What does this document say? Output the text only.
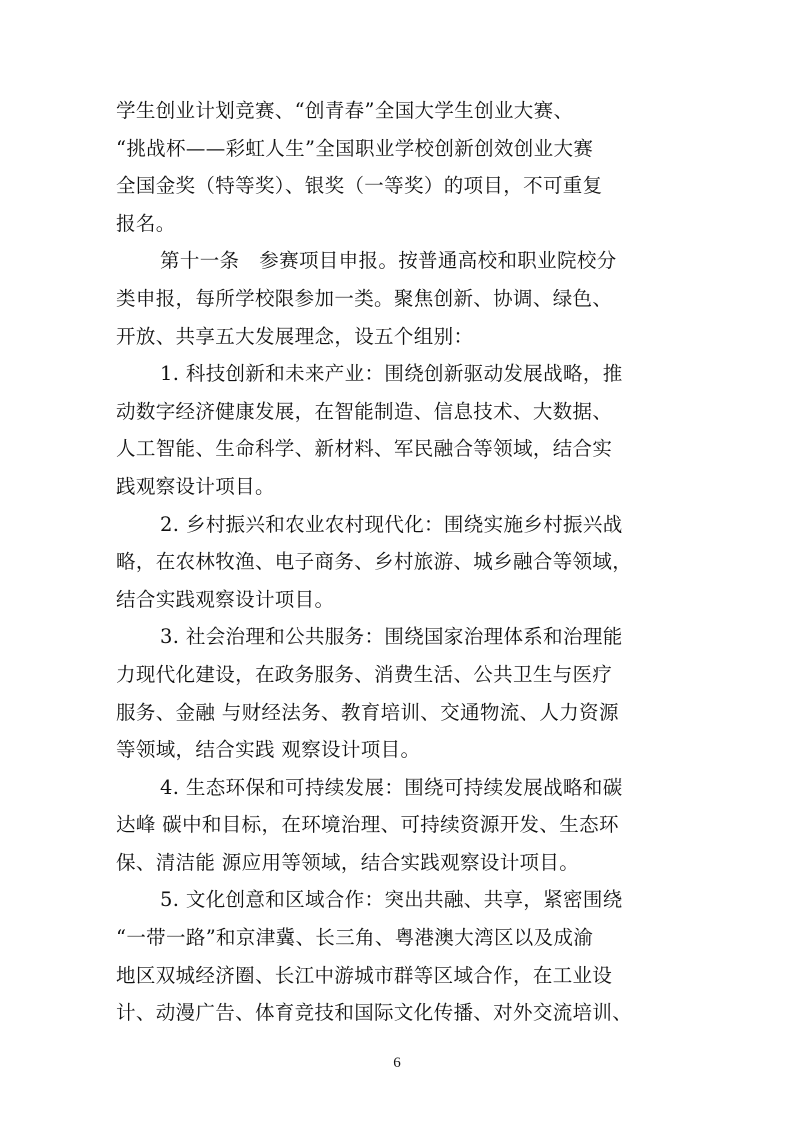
学生创业计划竞赛、“创青春”全国大学生创业大赛、
“挑战杯——彩虹人生”全国职业学校创新创效创业大赛
全国金奖（特等奖）、银奖（一等奖）的项目，不可重复
报名。
第十一条　参赛项目申报。按普通高校和职业院校分
类申报，每所学校限参加一类。聚焦创新、协调、绿色、
开放、共享五大发展理念，设五个组别：
1. 科技创新和未来产业：围绕创新驱动发展战略，推
动数字经济健康发展，在智能制造、信息技术、大数据、
人工智能、生命科学、新材料、军民融合等领域，结合实
践观察设计项目。
2. 乡村振兴和农业农村现代化：围绕实施乡村振兴战
略，在农林牧渔、电子商务、乡村旅游、城乡融合等领域，
结合实践观察设计项目。
3. 社会治理和公共服务：围绕国家治理体系和治理能
力现代化建设，在政务服务、消费生活、公共卫生与医疗
服务、金融 与财经法务、教育培训、交通物流、人力资源
等领域，结合实践 观察设计项目。
4. 生态环保和可持续发展：围绕可持续发展战略和碳
达峰 碳中和目标，在环境治理、可持续资源开发、生态环
保、清洁能 源应用等领域，结合实践观察设计项目。
5. 文化创意和区域合作：突出共融、共享，紧密围绕
“一带一路”和京津冀、长三角、粤港澳大湾区以及成渝
地区双城经济圈、长江中游城市群等区域合作，在工业设
计、动漫广告、体育竞技和国际文化传播、对外交流培训、
6
